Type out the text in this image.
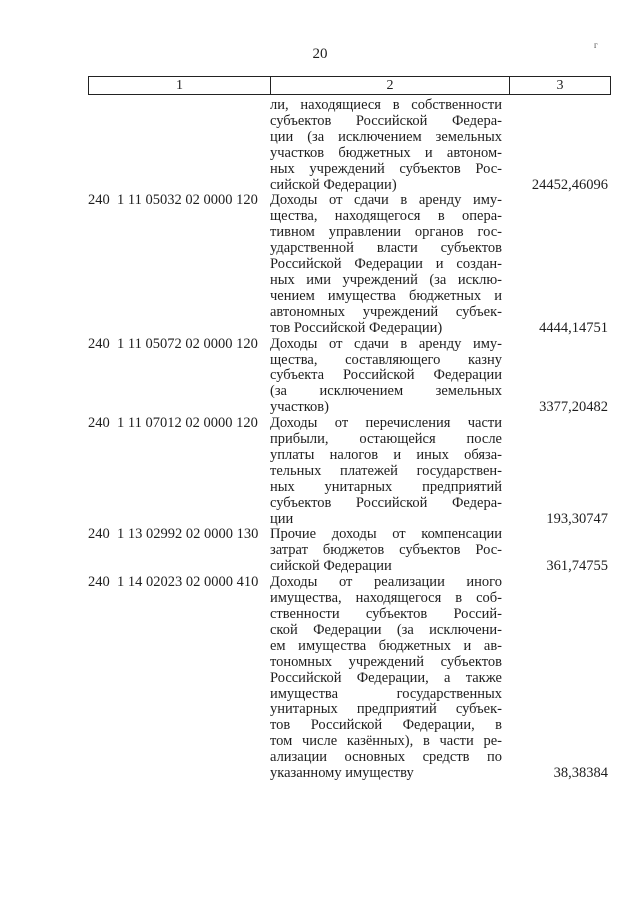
20
г
1	2	3
ли, находящиеся в собственности
субъектов Российской Федера-
ции (за исключением земельных
участков бюджетных и автоном-
ных учреждений субъектов Рос-
сийской Федерации)	24452,46096
240  1 11 05032 02 0000 120 Доходы от сдачи в аренду иму-
щества, находящегося в опера-
тивном управлении органов гос-
ударственной власти субъектов
Российской Федерации и создан-
ных ими учреждений (за исклю-
чением имущества бюджетных и
автономных учреждений субъек-
тов Российской Федерации)	4444,14751
240  1 11 05072 02 0000 120 Доходы от сдачи в аренду иму-
щества, составляющего казну
субъекта Российской Федерации
(за исключением земельных
участков)	3377,20482
240  1 11 07012 02 0000 120 Доходы от перечисления части
прибыли, остающейся после
уплаты налогов и иных обяза-
тельных платежей государствен-
ных унитарных предприятий
субъектов Российской Федера-
ции	193,30747
240  1 13 02992 02 0000 130 Прочие доходы от компенсации
затрат бюджетов субъектов Рос-
сийской Федерации	361,74755
240  1 14 02023 02 0000 410 Доходы от реализации иного
имущества, находящегося в соб-
ственности субъектов Россий-
ской Федерации (за исключени-
ем имущества бюджетных и ав-
тономных учреждений субъектов
Российской Федерации, а также
имущества государственных
унитарных предприятий субъек-
тов Российской Федерации, в
том числе казённых), в части ре-
ализации основных средств по
указанному имуществу	38,38384
